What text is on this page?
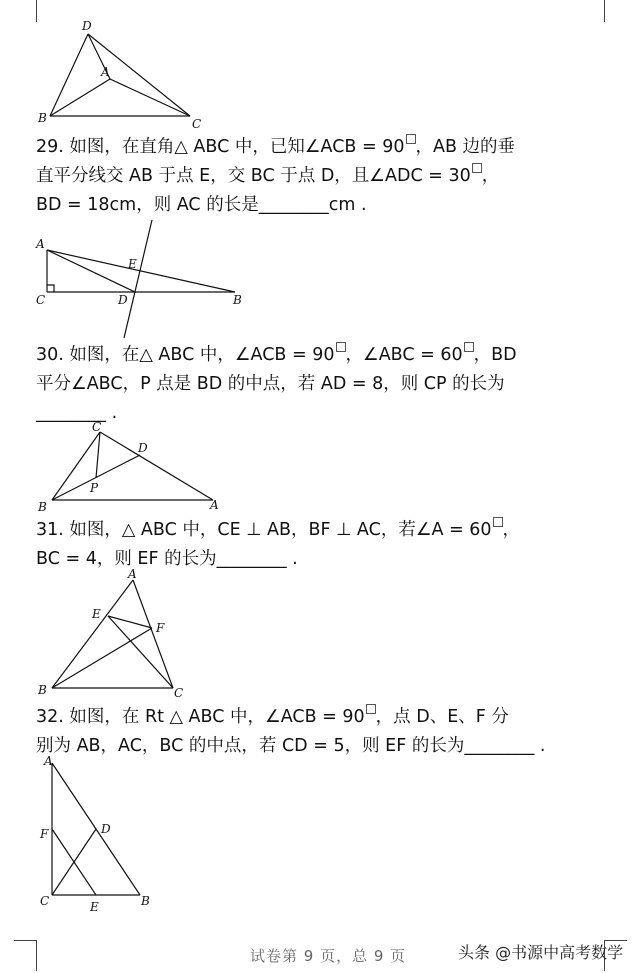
D
A
B	C
29. 如图，在直角△ ABC 中，已知∠ACB = 90 ，AB 边的垂
直平分线交 AB 于点 E，交 BC 于点 D，且∠ADC = 30 ，
BD = 18cm，则 AC 的长是________cm .
A
E
C	D	B
30. 如图，在△ ABC 中，∠ACB = 90 ，∠ABC = 60 ，BD
平分∠ABC，P 点是 BD 的中点，若 AD = 8，则 CP 的长为
________ .
C
D
P
B	A
31. 如图，△ ABC 中，CE ⊥ AB，BF ⊥ AC，若∠A = 60 ，
BC = 4，则 EF 的长为________ .
A
E
F
B	C
32. 如图，在 Rt △ ABC 中，∠ACB = 90 ，点 D、E、F 分
别为 AB，AC，BC 的中点，若 CD = 5，则 EF 的长为________ .
A
F	D
C	E	B
试卷第 9 页，总 9 页	头条 @书源中高考数学
